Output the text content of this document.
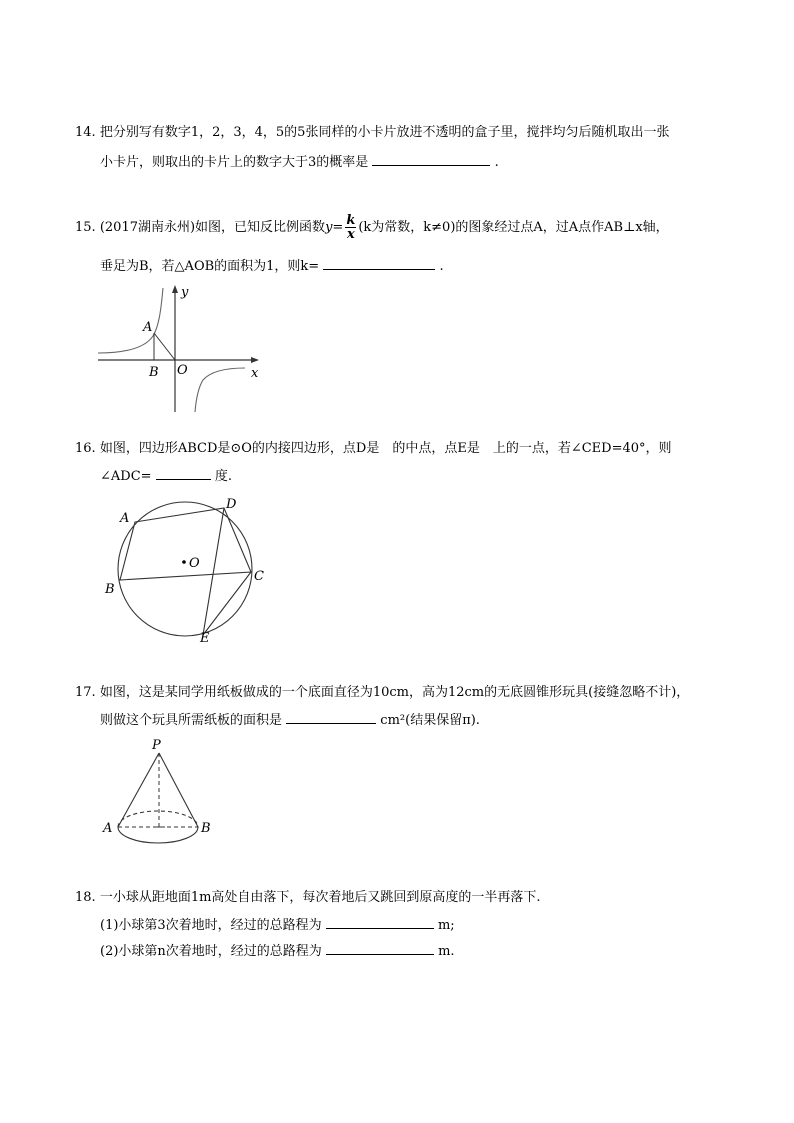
14. 把分别写有数字1，2，3，4，5的5张同样的小卡片放进不透明的盒子里，搅拌均匀后随机取出一张
小卡片，则取出的卡片上的数字大于3的概率是	.
15. (2017湖南永州)如图，已知反比例函数$y= \frac{k}{x} (k$为常数，k≠0)的图象经过点A，过A点作AB⊥x轴，
垂足为B，若△AOB的面积为1，则k=	.
y
x
A
B O
16. 如图，四边形ABCD是⊙O的内接四边形，点D是　的中点，点E是　上的一点，若∠CED=40°，则
∠ADC=	度.
O
A
D
C
B
E
17. 如图，这是某同学用纸板做成的一个底面直径为10cm，高为12cm的无底圆锥形玩具(接缝忽略不计)，
则做这个玩具所需纸板的面积是	cm²(结果保留π).
P
A	B
18. 一小球从距地面1m高处自由落下，每次着地后又跳回到原高度的一半再落下.
(1)小球第3次着地时，经过的总路程为	m;
(2)小球第n次着地时，经过的总路程为	m.
